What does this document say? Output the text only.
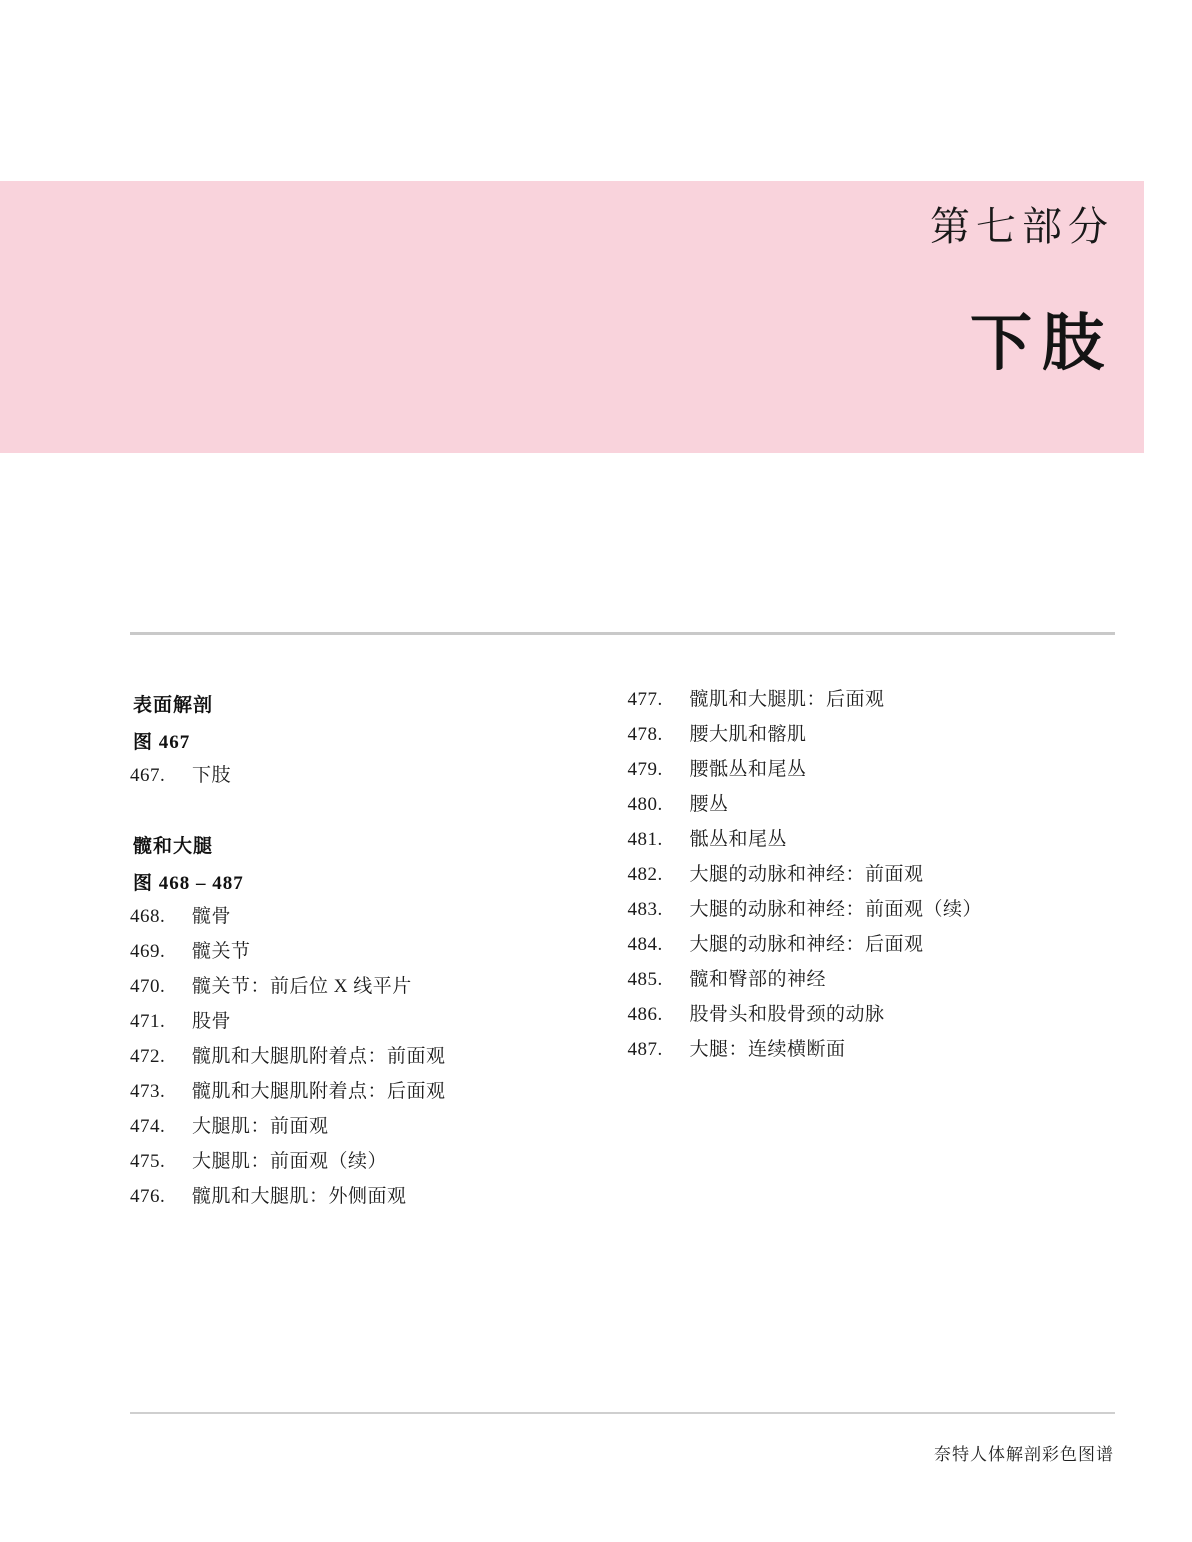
第七部分
下肢
表面解剖
图 467
467.	下肢
髋和大腿
图 468 – 487
468.	髋骨
469.	髋关节
470.	髋关节：前后位 X 线平片
471.	股骨
472.	髋肌和大腿肌附着点：前面观
473.	髋肌和大腿肌附着点：后面观
474.	大腿肌：前面观
475.	大腿肌：前面观（续）
476.	髋肌和大腿肌：外侧面观
477.	髋肌和大腿肌：后面观
478.	腰大肌和髂肌
479.	腰骶丛和尾丛
480.	腰丛
481.	骶丛和尾丛
482.	大腿的动脉和神经：前面观
483.	大腿的动脉和神经：前面观（续）
484.	大腿的动脉和神经：后面观
485.	髋和臀部的神经
486.	股骨头和股骨颈的动脉
487.	大腿：连续横断面
奈特人体解剖彩色图谱
